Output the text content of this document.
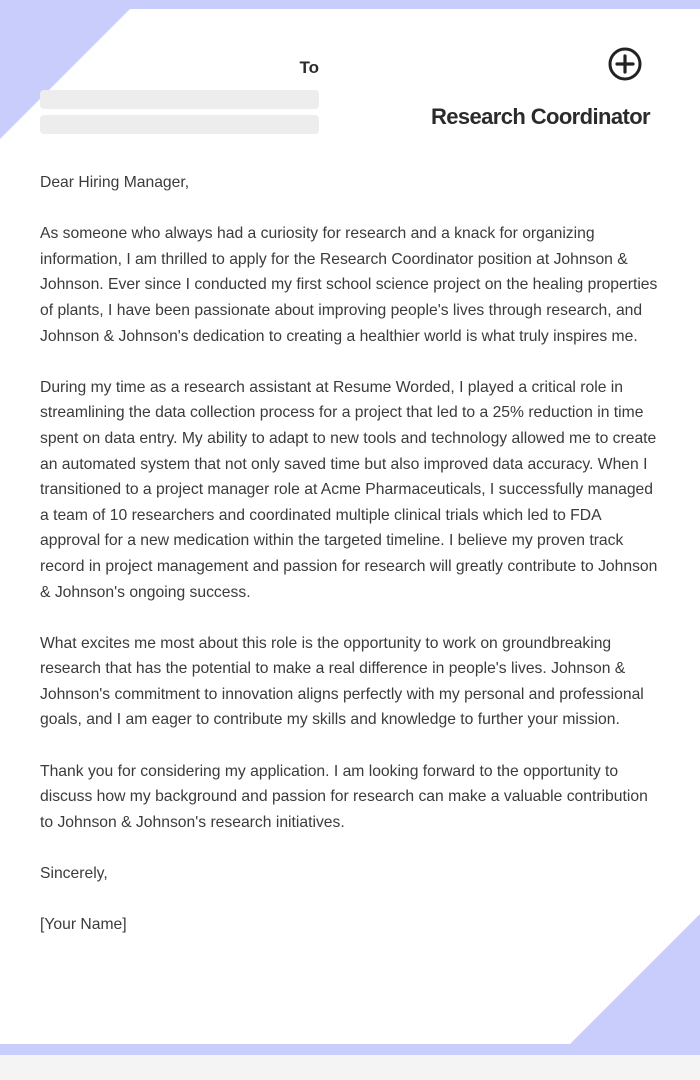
To
Research Coordinator

Dear Hiring Manager,

As someone who always had a curiosity for research and a knack for organizing information, I am thrilled to apply for the Research Coordinator position at Johnson & Johnson. Ever since I conducted my first school science project on the healing properties of plants, I have been passionate about improving people's lives through research, and Johnson & Johnson's dedication to creating a healthier world is what truly inspires me.

During my time as a research assistant at Resume Worded, I played a critical role in streamlining the data collection process for a project that led to a 25% reduction in time spent on data entry. My ability to adapt to new tools and technology allowed me to create an automated system that not only saved time but also improved data accuracy. When I transitioned to a project manager role at Acme Pharmaceuticals, I successfully managed a team of 10 researchers and coordinated multiple clinical trials which led to FDA approval for a new medication within the targeted timeline. I believe my proven track record in project management and passion for research will greatly contribute to Johnson & Johnson's ongoing success.

What excites me most about this role is the opportunity to work on groundbreaking research that has the potential to make a real difference in people's lives. Johnson & Johnson's commitment to innovation aligns perfectly with my personal and professional goals, and I am eager to contribute my skills and knowledge to further your mission.

Thank you for considering my application. I am looking forward to the opportunity to discuss how my background and passion for research can make a valuable contribution to Johnson & Johnson's research initiatives.

Sincerely,

[Your Name]
